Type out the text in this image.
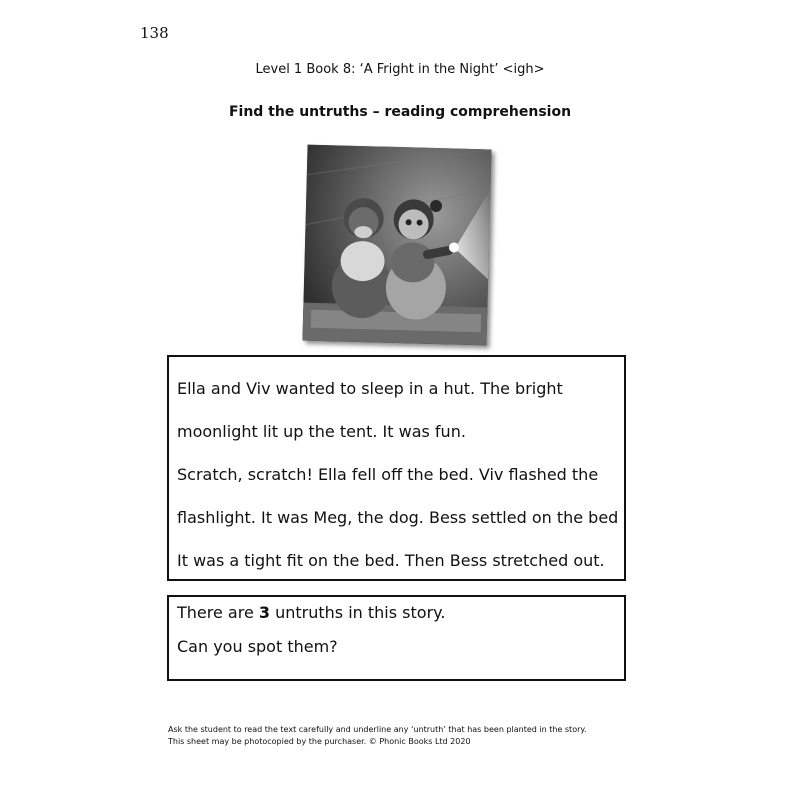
138
Level 1 Book 8: ‘A Fright in the Night’ <igh>
Find the untruths – reading comprehension
Ella and Viv wanted to sleep in a hut. The bright
moonlight lit up the tent. It was fun.
Scratch, scratch! Ella fell off the bed. Viv flashed the
flashlight. It was Meg, the dog. Bess settled on the bed
It was a tight fit on the bed. Then Bess stretched out.
There are 3 untruths in this story.
Can you spot them?
Ask the student to read the text carefully and underline any ‘untruth’ that has been planted in the story.
This sheet may be photocopied by the purchaser. © Phonic Books Ltd 2020
